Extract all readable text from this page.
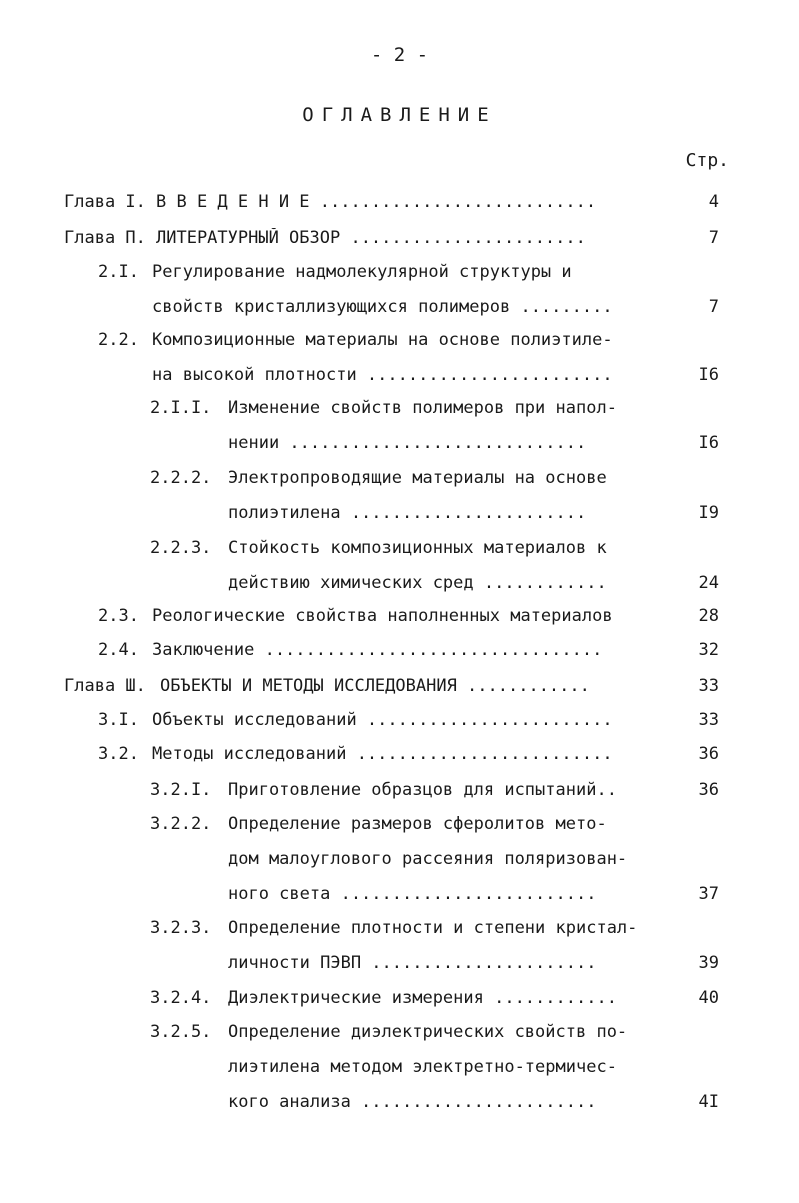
- 2 -
ОГЛАВЛЕНИЕ
Стр.
Глава I. В В Е Д Е Н И Е ...........................	4
Глава П. ЛИТЕРАТУРНЫЙ ОБЗОР .......................	7
2.I. Регулирование надмолекулярной структуры и
свойств кристаллизующихся полимеров .........	7
2.2. Композиционные материалы на основе полиэтиле-
на высокой плотности ........................	I6
2.I.I. Изменение свойств полимеров при напол-
нении .............................	I6
2.2.2. Электропроводящие материалы на основе
полиэтилена .......................	I9
2.2.3. Стойкость композиционных материалов к
действию химических сред ............	24
2.3. Реологические свойства наполненных материалов	28
2.4. Заключение .................................	32
Глава Ш. ОБЪЕКТЫ И МЕТОДЫ ИССЛЕДОВАНИЯ ............	33
3.I. Объекты исследований ........................	33
3.2. Методы исследований .........................	36
3.2.I. Приготовление образцов для испытаний..	36
3.2.2. Определение размеров сферолитов мето-
дом малоуглового рассеяния поляризован-
ного света .........................	37
3.2.3. Определение плотности и степени кристал-
личности ПЭВП ......................	39
3.2.4. Диэлектрические измерения ............	40
3.2.5. Определение диэлектрических свойств по-
лиэтилена методом электретно-термичес-
кого анализа .......................	4I
